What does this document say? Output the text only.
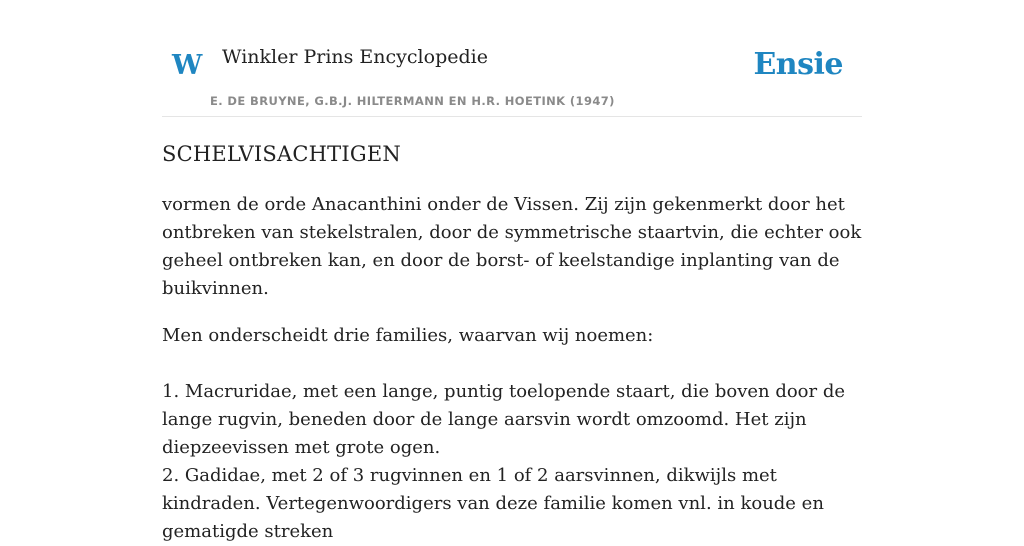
W Winkler Prins Encyclopedie
E. DE BRUYNE, G.B.J. HILTERMANN EN H.R. HOETINK (1947)
Ensie
SCHELVISACHTIGEN

vormen de orde Anacanthini onder de Vissen. Zij zijn gekenmerkt door het ontbreken van stekelstralen, door de symmetrische staartvin, die echter ook geheel ontbreken kan, en door de borst- of keelstandige inplanting van de buikvinnen.

Men onderscheidt drie families, waarvan wij noemen:

1. Macruridae, met een lange, puntig toelopende staart, die boven door de lange rugvin, beneden door de lange aarsvin wordt omzoomd. Het zijn diepzeevissen met grote ogen.

2. Gadidae, met 2 of 3 rugvinnen en 1 of 2 aarsvinnen, dikwijls met kindraden. Vertegenwoordigers van deze familie komen vnl. in koude en gematigde streken
